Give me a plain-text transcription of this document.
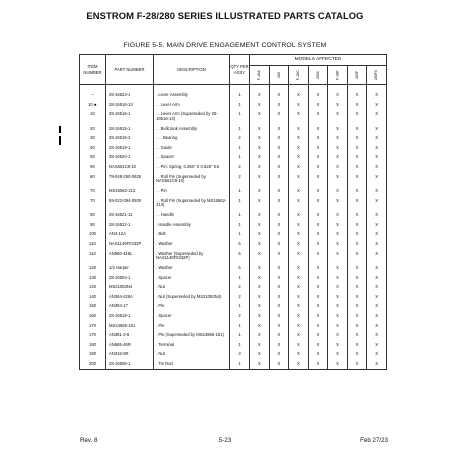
ENSTROM F-28/280 SERIES ILLUSTRATED PARTS CATALOG
FIGURE 5-5. MAIN DRIVE ENGAGEMENT CONTROL SYSTEM
ITEM NUMBER	PART NUMBER	DESCRIPTION	QTY PER ASSY	MODELS AFFECTED						
				F-28A	280	F-28C	280C	F-28F	280F	280FX

--	28-16523-1	. Lever Assembly	1	X	X	X	X	X	X	X
10◄	28-16516-13	. . Lever Arm	1	X	X	X	X	X	X	X
10	28-16516-1	. . Lever Arm (Superseded by 28-16516-13)	1	X	X	X	X	X	X	X
20	28-16515-1	. . Bellcrank Assembly	1	X	X	X	X	X	X	X
30	28-16515-3	. . . Bearing	2	X	X	X	X	X	X	X
40	28-16519-1	. . Guide	1	X	X	X	X	X	X	X
50	28-16520-1	. . Spacer	1	X	X	X	X	X	X	X
60	NAS561C8-10	. . Pin: Spring, 0.250" X 0.625" SS	2	X	X	X	X	X	X	X
60	79-048-250-0625	. . Roll Pin (Superseded by NAS561C8-10)	2	X	X	X	X	X	X	X
70	MS16562-213	. . Pin	1	X	X	X	X	X	X	X
70	59-022-094-0500	. . Roll Pin (Superseded by MS16562-213)	1	X	X	X	X	X	X	X
80	28-16521-11	. . Handle	1	X	X	X	X	X	X	X
90	28-16522-1	. Handle Assembly	1	X	X	X	X	X	X	X
100	AN4-12A	. Bolt	1	X	X	X	X	X	X	X
110	NAS1149F0432P	. Washer	5	X	X	X	X	X	X	X
110	AN960-416L	. Washer (Superseded by NAS1149F0432P)	5	X	X	X	X	X	X	X
120	1/4 Harper	. Washer	5	X	X	X	X	X	X	X
130	28-16504-1	. Spacer	1	X	X	X	X	X	X	X
140	MS21083N4	. Nut	2	X	X	X	X	X	X	X
140	AN364-428A	. Nut (Superseded by MS21083N4)	2	X	X	X	X	X	X	X
150	AN394-17	. Pin	1	X	X	X	X	X	X	X
160	28-16518-1	. Spacer	2	X	X	X	X	X	X	X
170	MS24665-151	. Pin	1	X	X	X	X	X	X	X
170	AN381-2-8	. Pin (Superseded by MS24665-151)	1	X	X	X	X	X	X	X
180	AN665-46R	. Terminal	1	X	X	X	X	X	X	X
190	AN316-5R	. Nut	3	X	X	X	X	X	X	X
200	28-16505-1	. Tie Rod	1	X	X	X	X	X	X	X
Rev. 8	5-23	Feb 27/23
